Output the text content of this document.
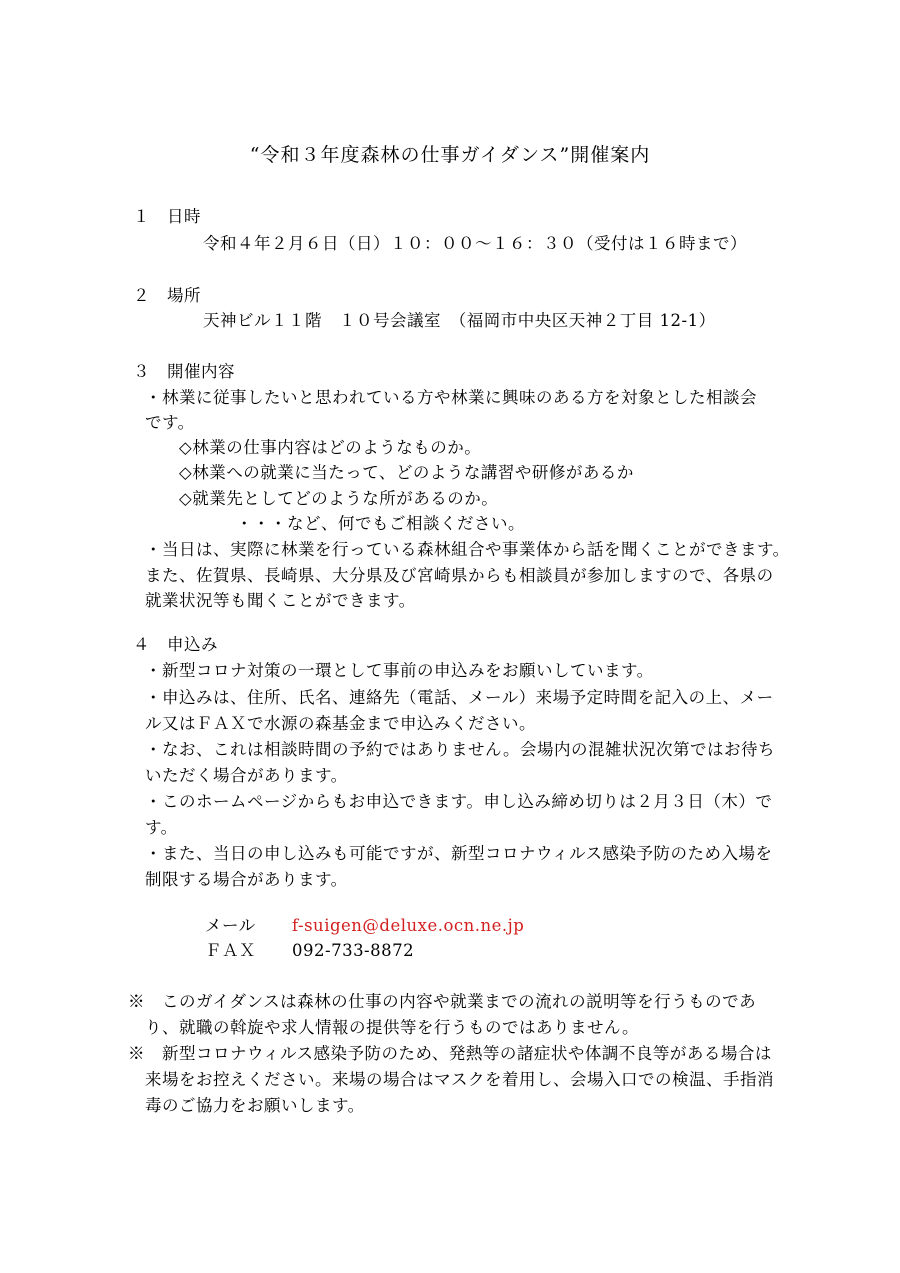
“令和３年度森林の仕事ガイダンス”開催案内
１　日時
令和４年２月６日（日）１０：００～１６：３０（受付は１６時まで）
２　場所
天神ビル１１階　１０号会議室　（福岡市中央区天神２丁目 12-1）
３　開催内容
・林業に従事したいと思われている方や林業に興味のある方を対象とした相談会
です。
◇林業の仕事内容はどのようなものか。
◇林業への就業に当たって、どのような講習や研修があるか
◇就業先としてどのような所があるのか。
・・・など、何でもご相談ください。
・当日は、実際に林業を行っている森林組合や事業体から話を聞くことができます。
また、佐賀県、長崎県、大分県及び宮崎県からも相談員が参加しますので、各県の
就業状況等も聞くことができます。
４　申込み
・新型コロナ対策の一環として事前の申込みをお願いしています。
・申込みは、住所、氏名、連絡先（電話、メール）来場予定時間を記入の上、メー
ル又はＦＡＸで水源の森基金まで申込みください。
・なお、これは相談時間の予約ではありません。会場内の混雑状況次第ではお待ち
いただく場合があります。
・このホームページからもお申込できます。申し込み締め切りは２月３日（木）で
す。
・また、当日の申し込みも可能ですが、新型コロナウィルス感染予防のため入場を
制限する場合があります。
メール f-suigen@deluxe.ocn.ne.jp
ＦＡＸ 092-733-8872
※　このガイダンスは森林の仕事の内容や就業までの流れの説明等を行うものであ
り、就職の斡旋や求人情報の提供等を行うものではありません。
※　新型コロナウィルス感染予防のため、発熱等の諸症状や体調不良等がある場合は
来場をお控えください。来場の場合はマスクを着用し、会場入口での検温、手指消
毒のご協力をお願いします。
